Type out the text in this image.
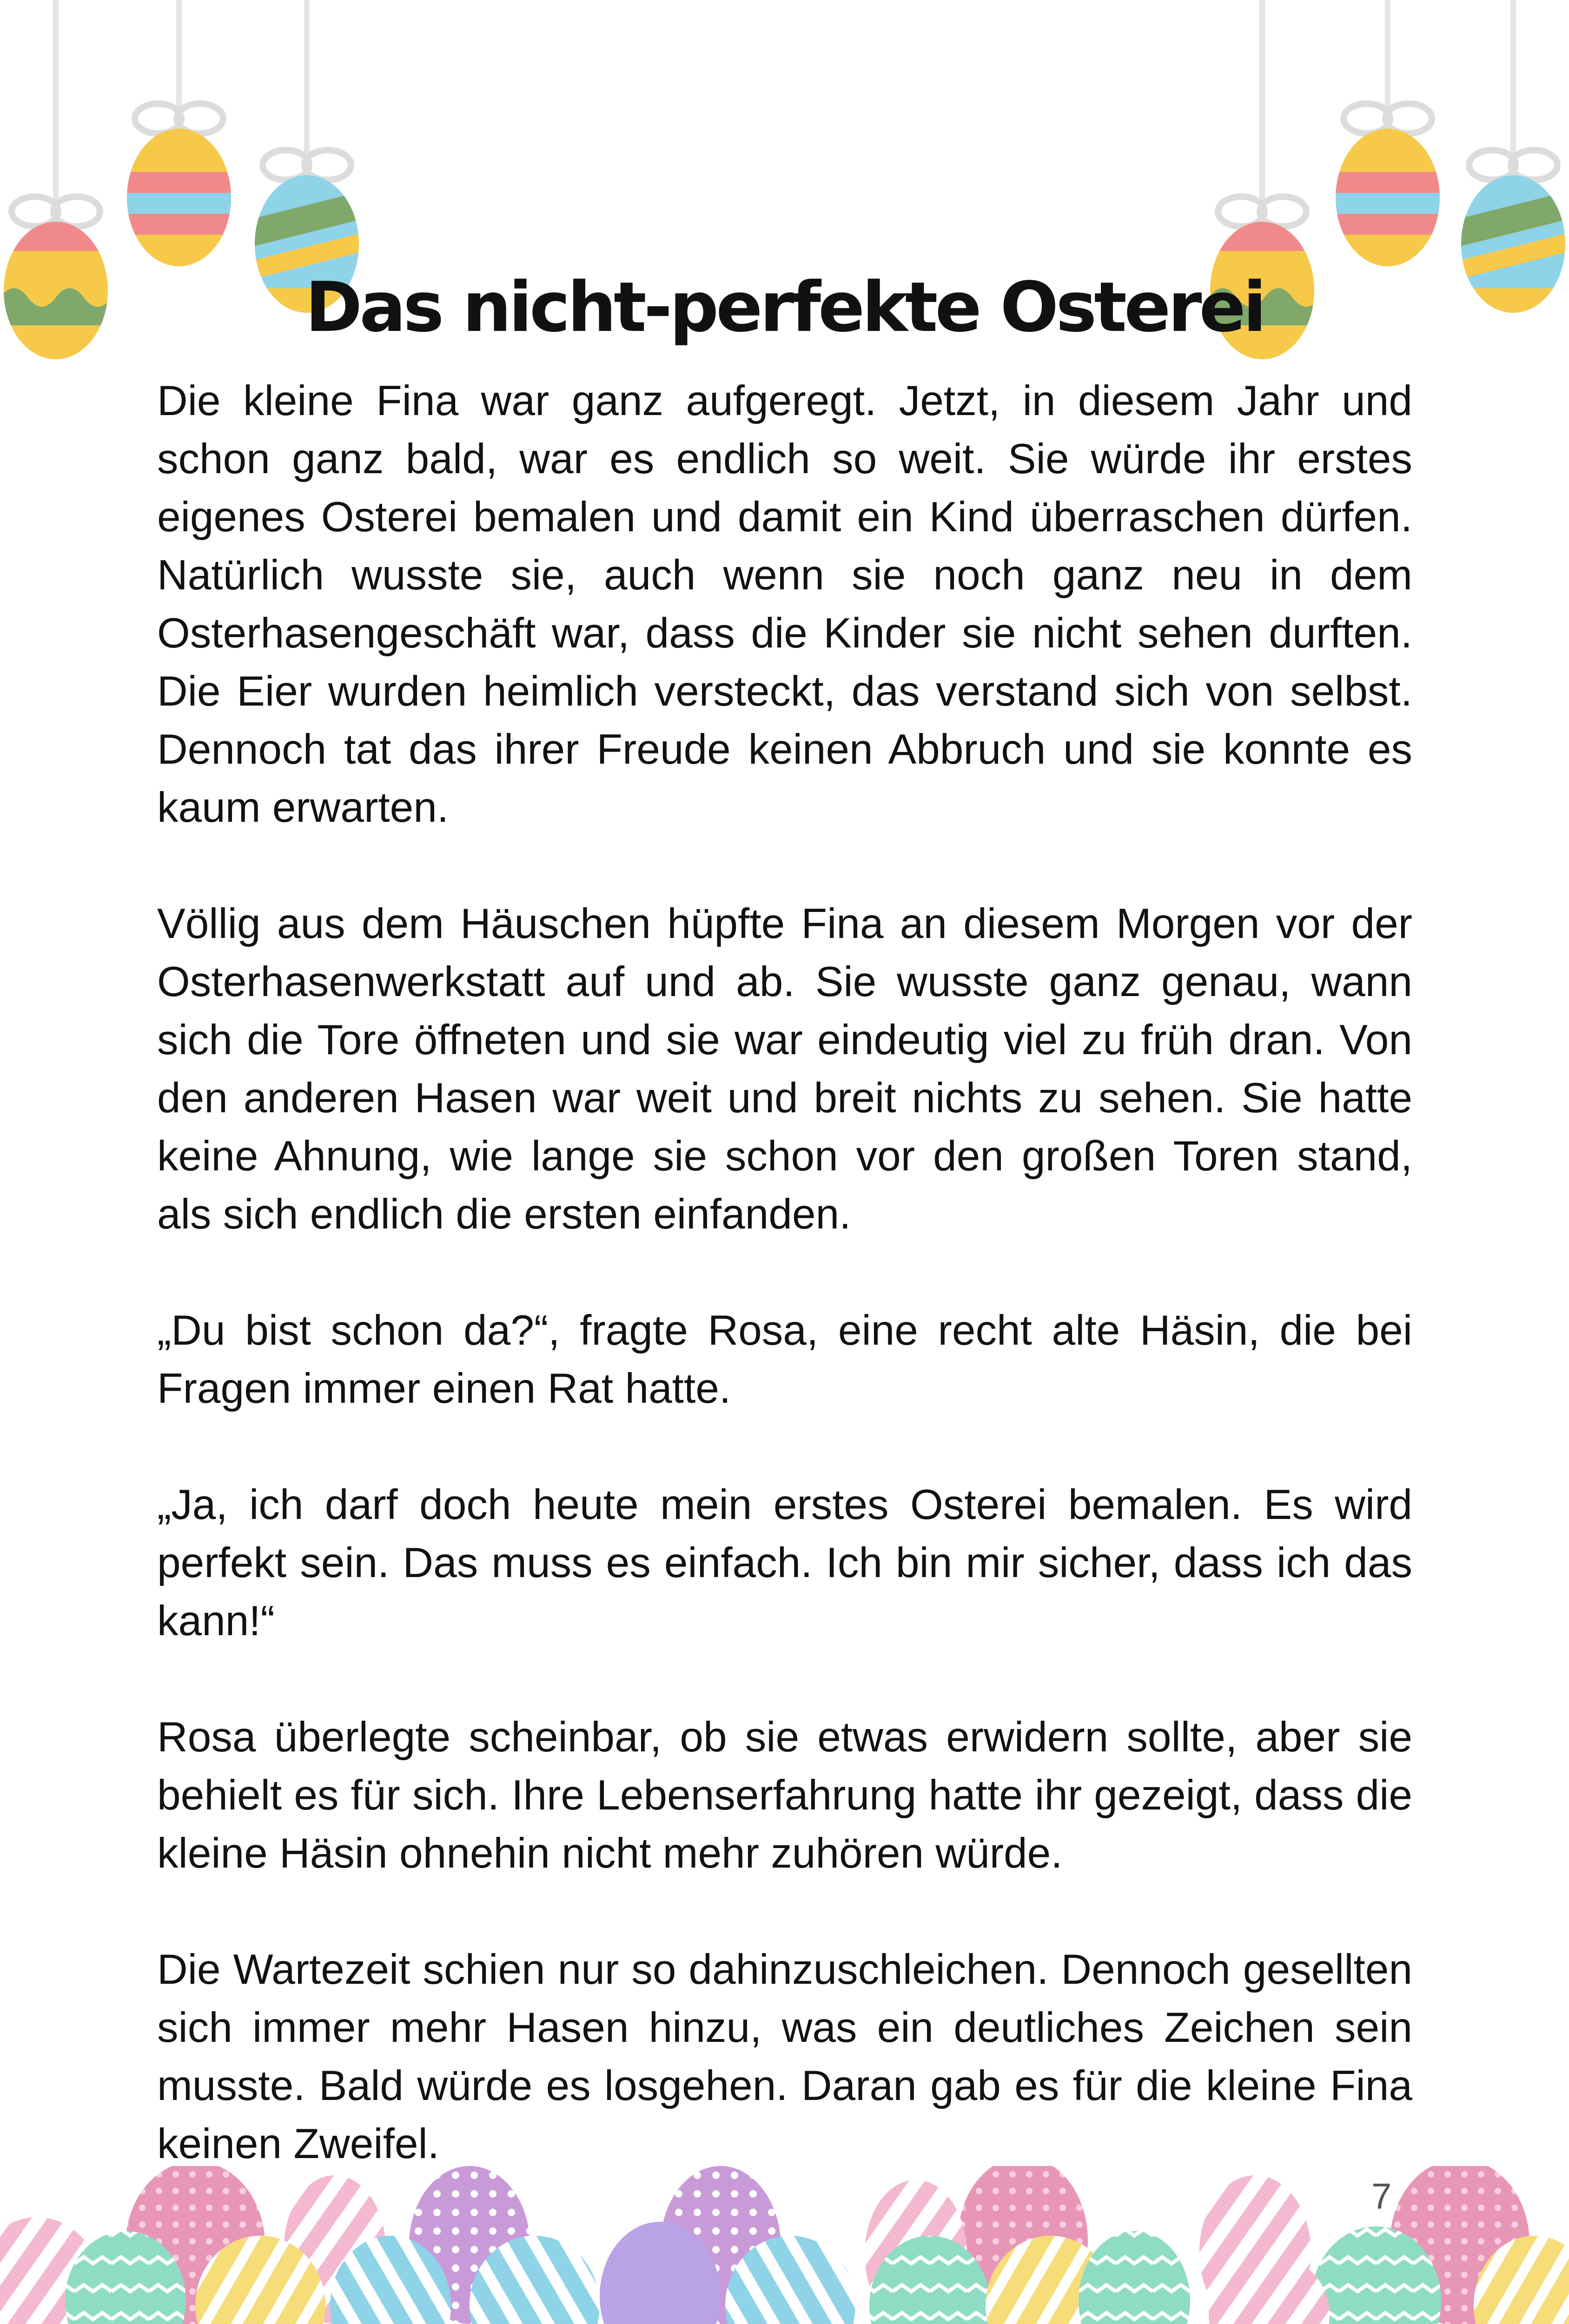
Das nicht-perfekte Osterei

Die kleine Fina war ganz aufgeregt. Jetzt, in diesem Jahr und schon ganz bald, war es endlich so weit. Sie würde ihr erstes eigenes Osterei bemalen und damit ein Kind überraschen dürfen. Natürlich wusste sie, auch wenn sie noch ganz neu in dem Osterhasengeschäft war, dass die Kinder sie nicht sehen durften. Die Eier wurden heimlich versteckt, das verstand sich von selbst. Dennoch tat das ihrer Freude keinen Abbruch und sie konnte es kaum erwarten.

Völlig aus dem Häuschen hüpfte Fina an diesem Morgen vor der Osterhasenwerkstatt auf und ab. Sie wusste ganz genau, wann sich die Tore öffneten und sie war eindeutig viel zu früh dran. Von den anderen Hasen war weit und breit nichts zu sehen. Sie hatte keine Ahnung, wie lange sie schon vor den großen Toren stand, als sich endlich die ersten einfanden.

„Du bist schon da?“, fragte Rosa, eine recht alte Häsin, die bei Fragen immer einen Rat hatte.

„Ja, ich darf doch heute mein erstes Osterei bemalen. Es wird perfekt sein. Das muss es einfach. Ich bin mir sicher, dass ich das kann!“

Rosa überlegte scheinbar, ob sie etwas erwidern sollte, aber sie behielt es für sich. Ihre Lebenserfahrung hatte ihr gezeigt, dass die kleine Häsin ohnehin nicht mehr zuhören würde.

Die Wartezeit schien nur so dahinzuschleichen. Dennoch gesellten sich immer mehr Hasen hinzu, was ein deutliches Zeichen sein musste. Bald würde es losgehen. Daran gab es für die kleine Fina keinen Zweifel.

7
